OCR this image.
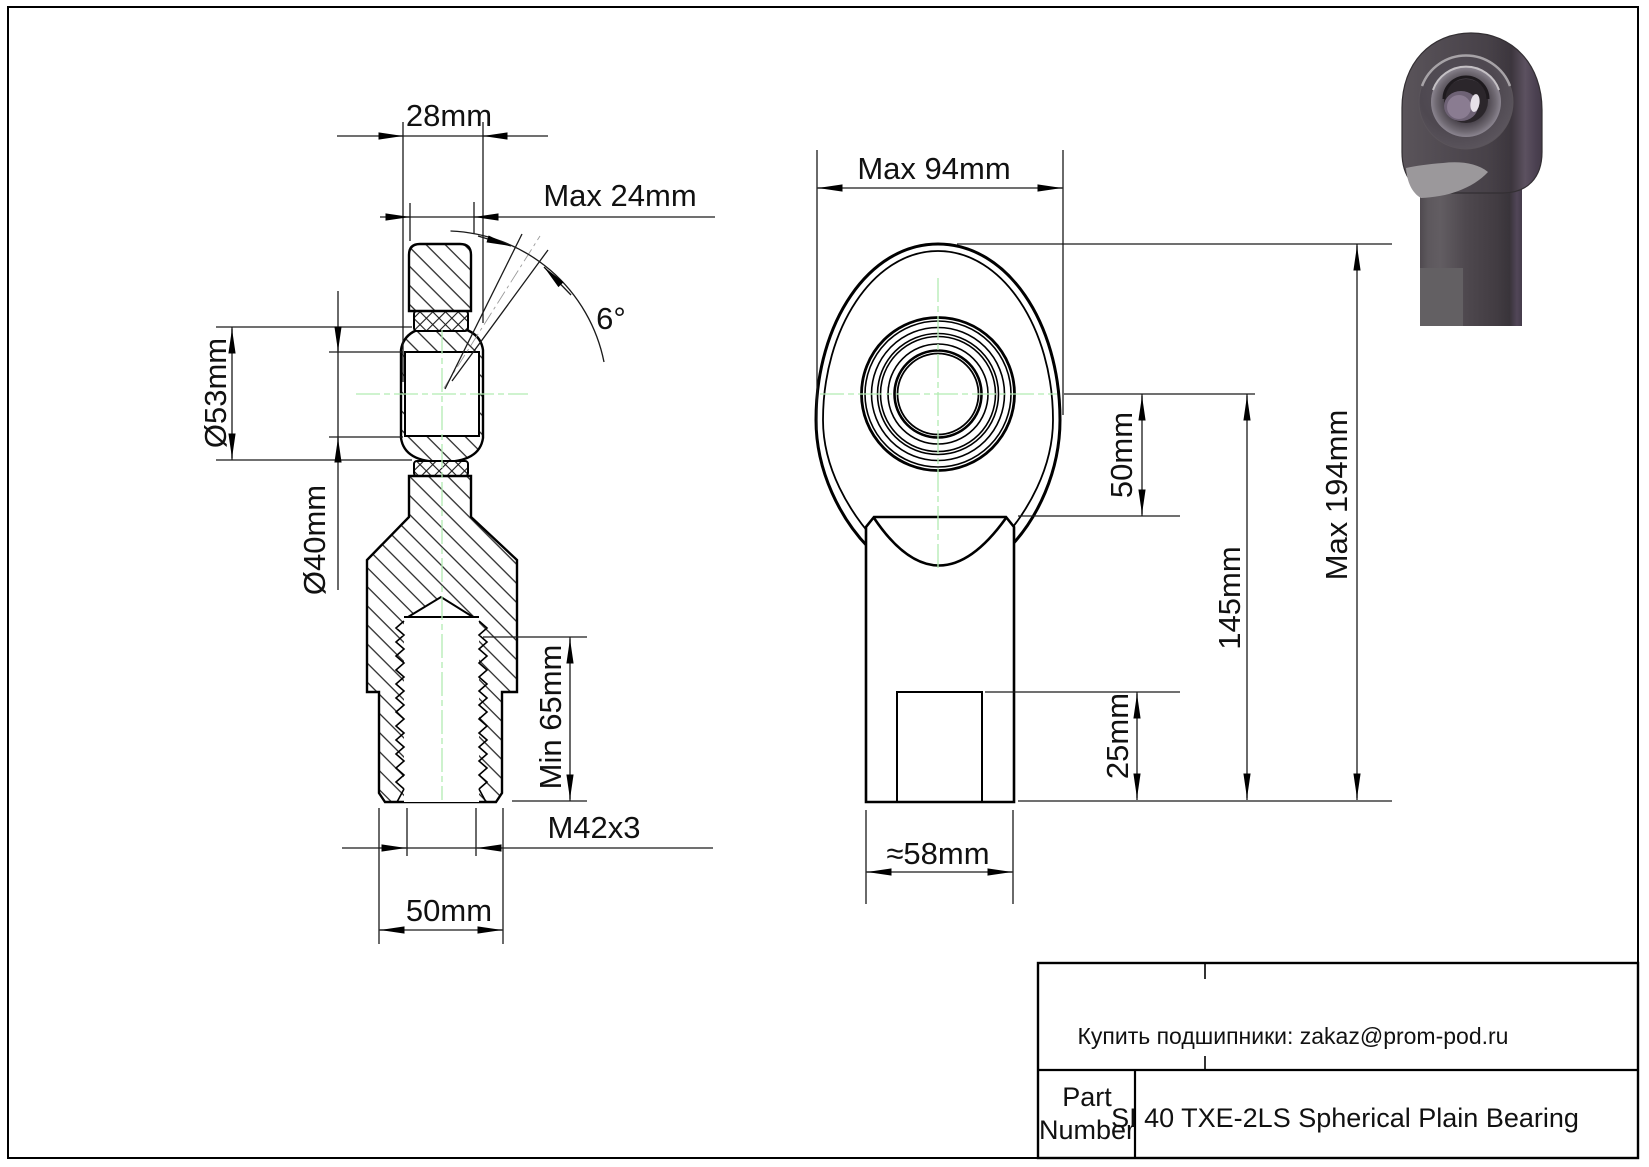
6°
28mm
Max 24mm
Ø53mm
Ø40mm
Min 65mm
M42x3
50mm
Max 94mm
50mm
145mm
Max 194mm
25mm
≈58mm
Купить подшипники: zakaz@prom-pod.ru
Part
Number
SI 40 TXE-2LS Spherical Plain Bearing
